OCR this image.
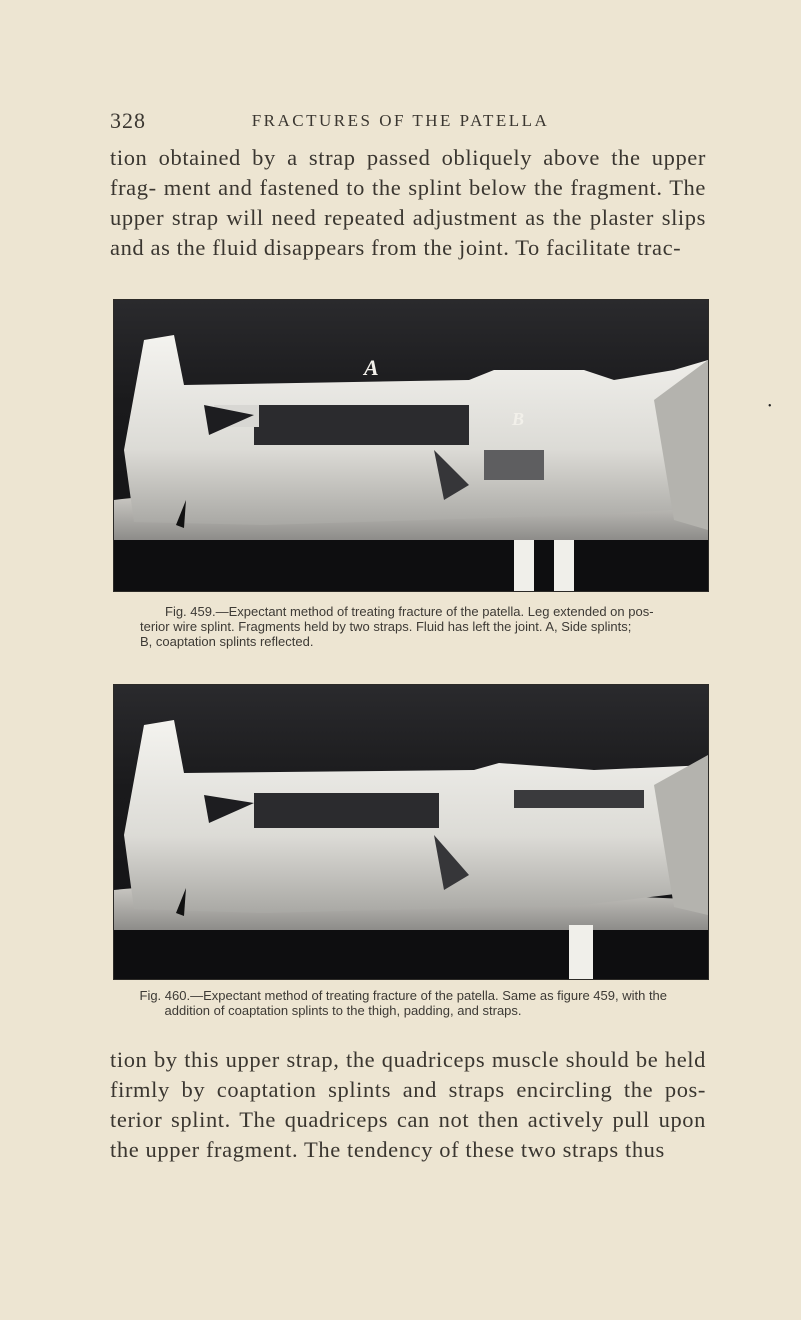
328	FRACTURES OF THE PATELLA

tion obtained by a strap passed obliquely above the upper frag- ment and fastened to the splint below the fragment. The upper strap will need repeated adjustment as the plaster slips and as the fluid disappears from the joint. To facilitate trac-

A
B
•

Fig. 459.—Expectant method of treating fracture of the patella. Leg extended on pos-
terior wire splint. Fragments held by two straps. Fluid has left the joint. A, Side splints;
B, coaptation splints reflected.

Fig. 460.—Expectant method of treating fracture of the patella. Same as figure 459, with the
addition of coaptation splints to the thigh, padding, and straps.

tion by this upper strap, the quadriceps muscle should be held firmly by coaptation splints and straps encircling the pos- terior splint. The quadriceps can not then actively pull upon the upper fragment. The tendency of these two straps thus
